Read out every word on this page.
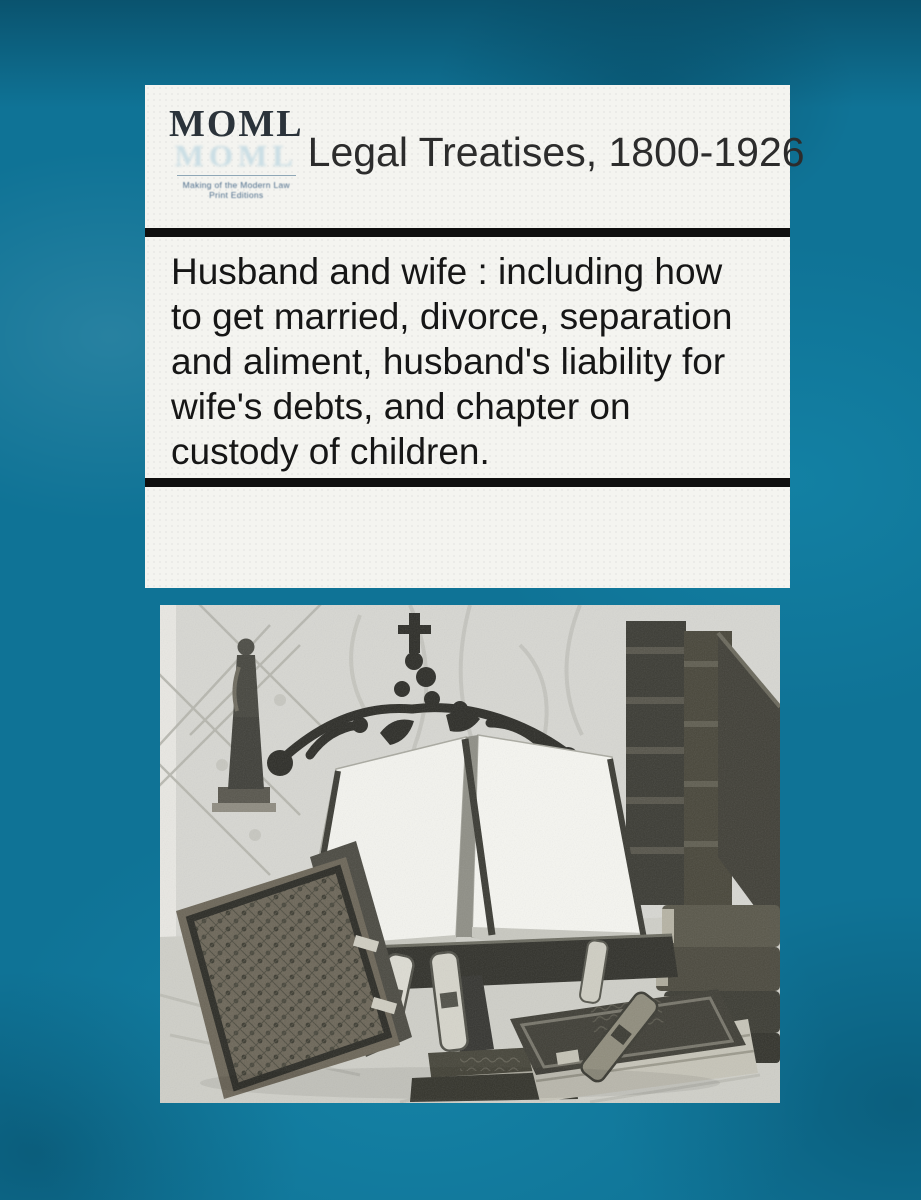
MOML
MOML
Making of the Modern Law
Print Editions
Legal Treatises, 1800-1926
Husband and wife : including how
to get married, divorce, separation
and aliment, husband's liability for
wife's debts, and chapter on
custody of children.
